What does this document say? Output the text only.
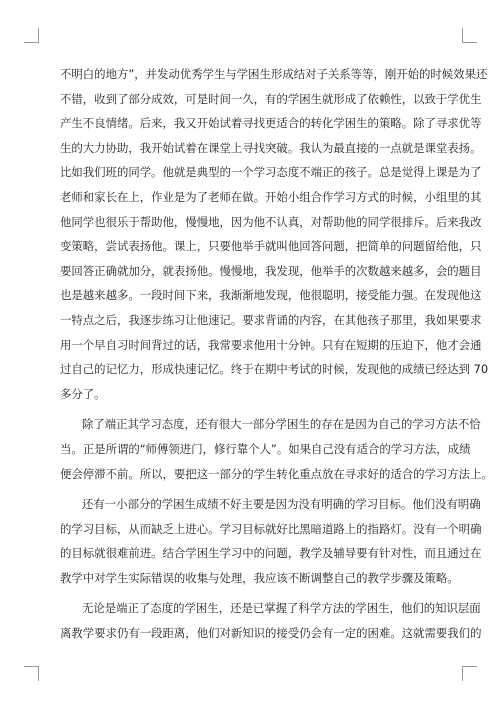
不明白的地方”，并发动优秀学生与学困生形成结对子关系等等，刚开始的时候效果还
不错，收到了部分成效，可是时间一久，有的学困生就形成了依赖性，以致于学优生
产生不良情绪。后来，我又开始试着寻找更适合的转化学困生的策略。除了寻求优等
生的大力协助，我开始试着在课堂上寻找突破。我认为最直接的一点就是课堂表扬。
比如我们班的同学。他就是典型的一个学习态度不端正的孩子。总是觉得上课是为了
老师和家长在上，作业是为了老师在做。开始小组合作学习方式的时候，小组里的其
他同学也很乐于帮助他，慢慢地，因为他不认真，对帮助他的同学很排斥。后来我改
变策略，尝试表扬他。课上，只要他举手就叫他回答问题，把简单的问题留给他，只
要回答正确就加分，就表扬他。慢慢地，我发现，他举手的次数越来越多，会的题目
也是越来越多。一段时间下来，我渐渐地发现，他很聪明，接受能力强。在发现他这
一特点之后，我逐步练习让他速记。要求背诵的内容，在其他孩子那里，我如果要求
用一个早自习时间背过的话，我常要求他用十分钟。只有在短期的压迫下，他才会通
过自己的记忆力，形成快速记忆。终于在期中考试的时候，发现他的成绩已经达到 70
多分了。
除了端正其学习态度，还有很大一部分学困生的存在是因为自己的学习方法不恰
当。正是所谓的“师傅领进门，修行靠个人”。如果自己没有适合的学习方法，成绩
便会停滞不前。所以，要把这一部分的学生转化重点放在寻求好的适合的学习方法上。
还有一小部分的学困生成绩不好主要是因为没有明确的学习目标。他们没有明确
的学习目标，从而缺乏上进心。学习目标就好比黑暗道路上的指路灯。没有一个明确
的目标就很难前进。结合学困生学习中的问题，教学及辅导要有针对性，而且通过在
教学中对学生实际错误的收集与处理，我应该不断调整自己的教学步骤及策略。
无论是端正了态度的学困生，还是已掌握了科学方法的学困生，他们的知识层面
离教学要求仍有一段距离，他们对新知识的接受仍会有一定的困难。这就需要我们的
